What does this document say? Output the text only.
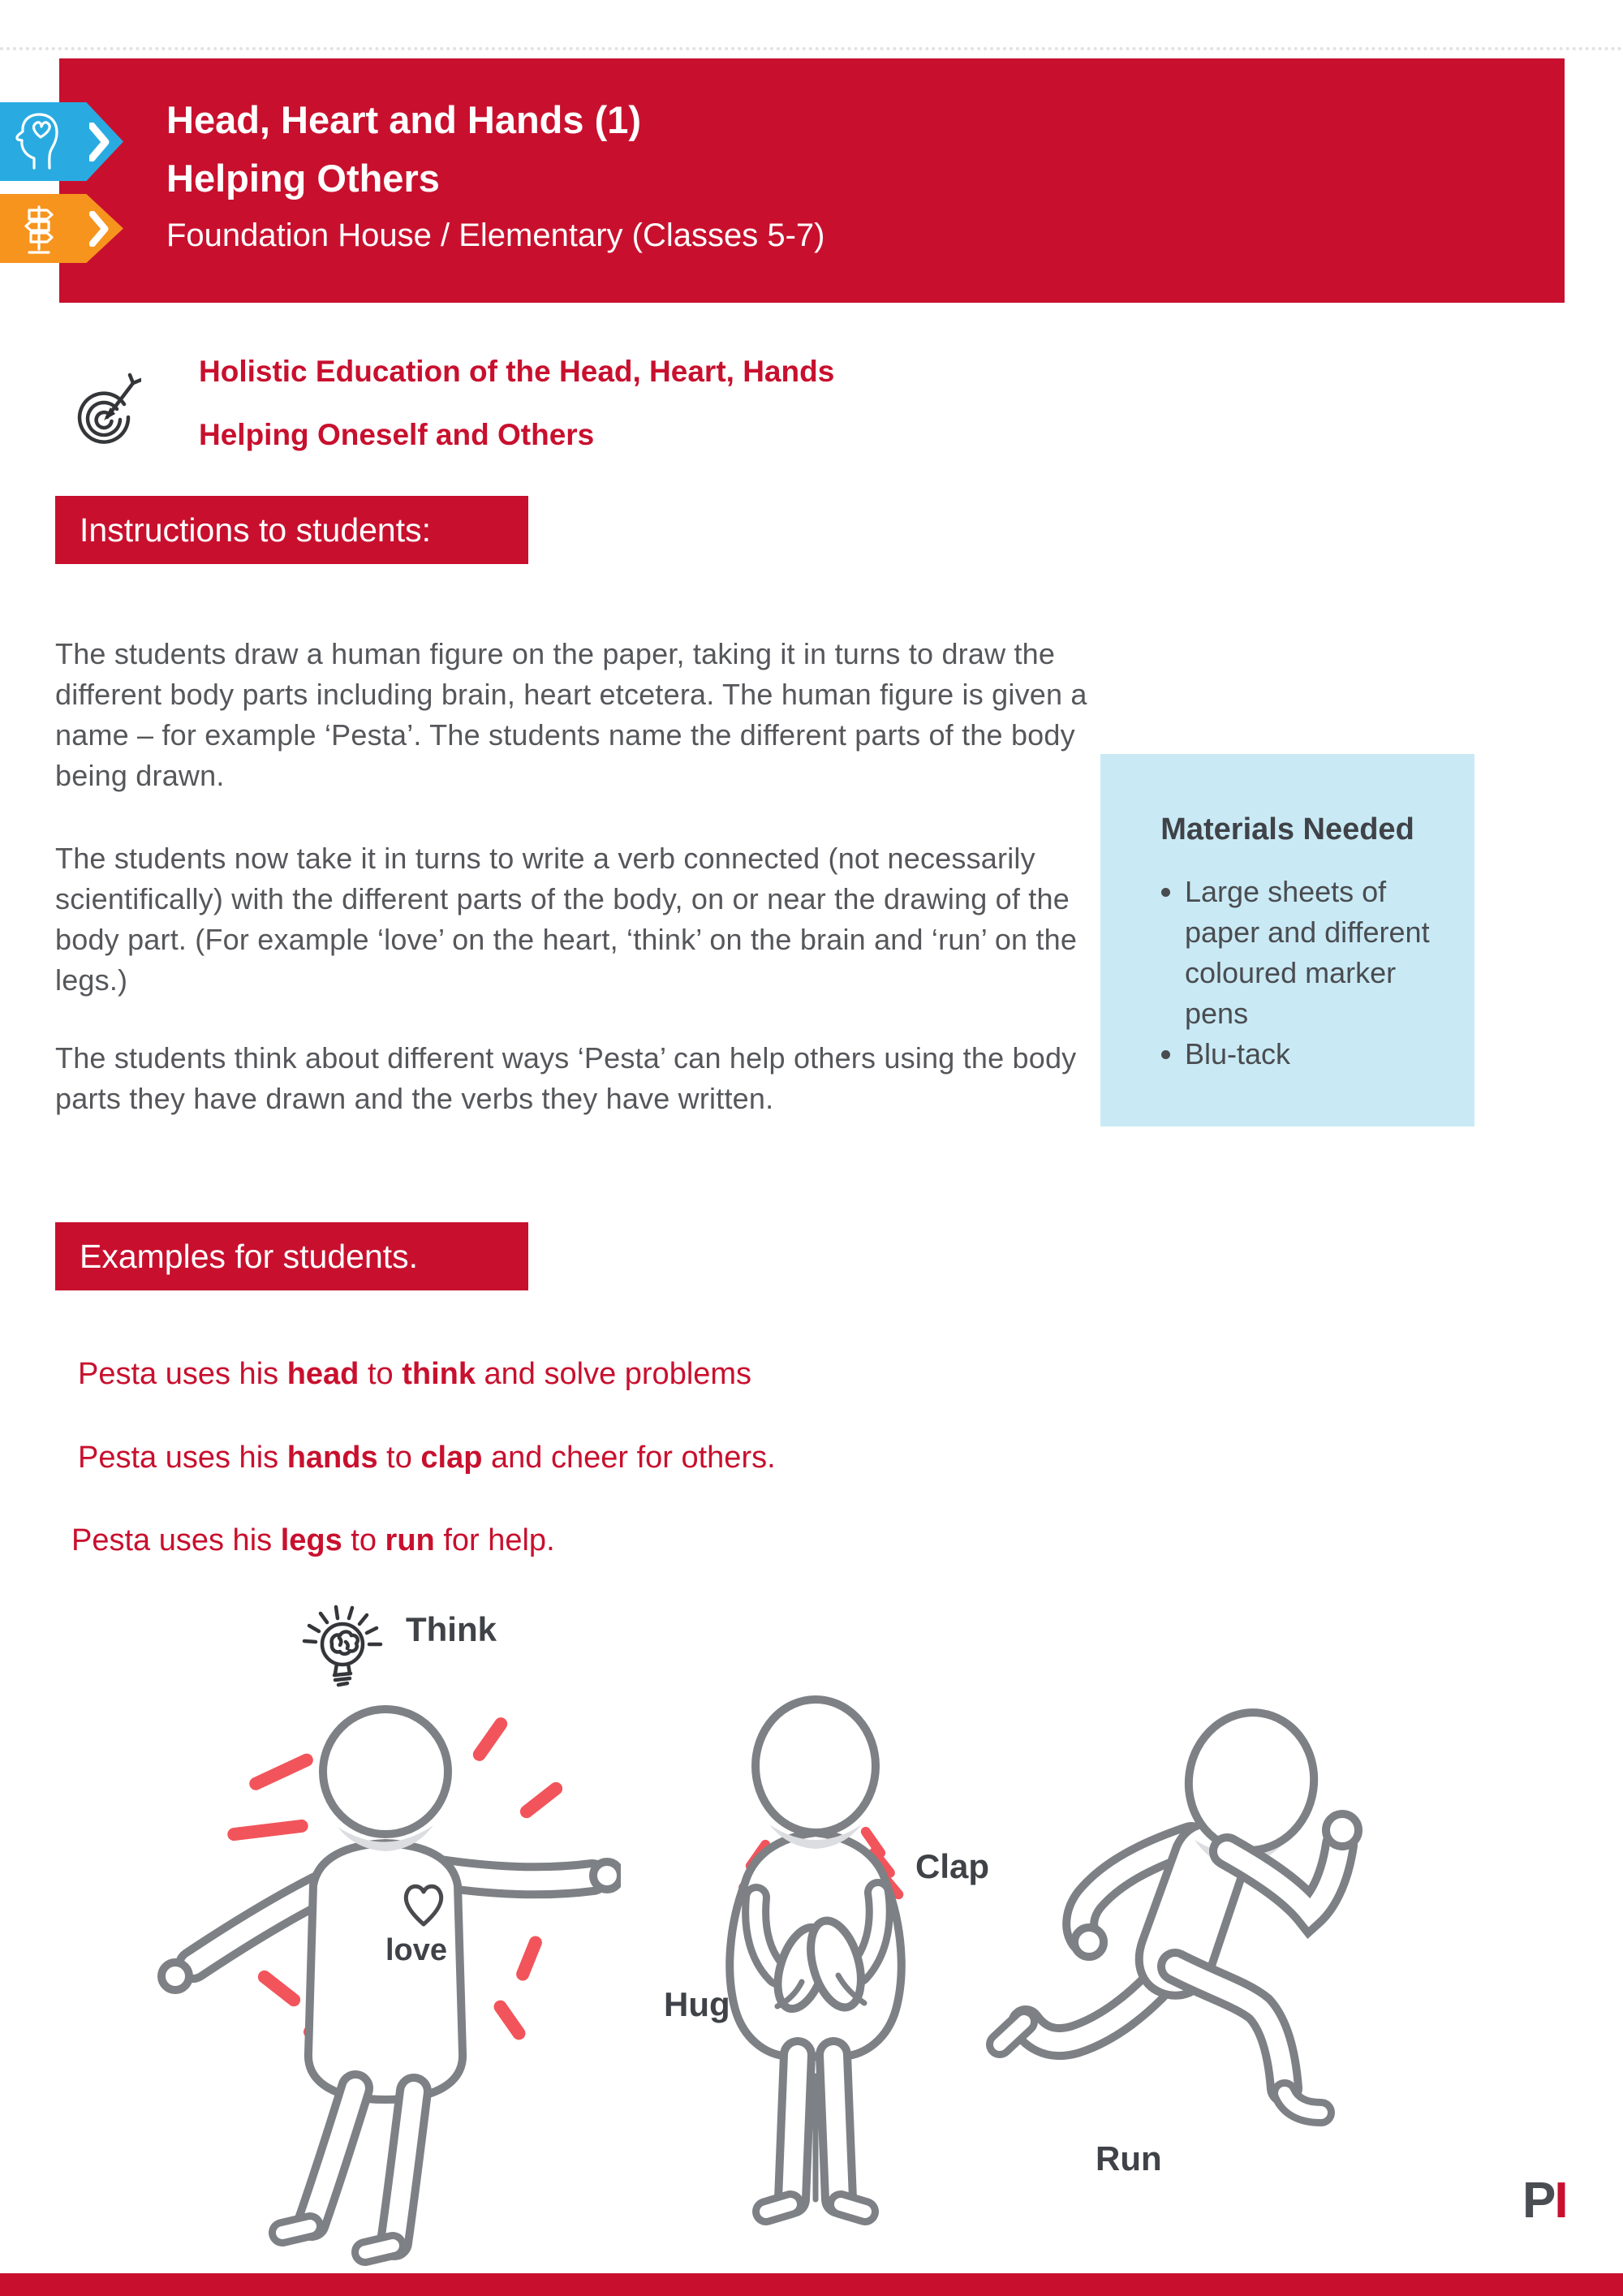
Head, Heart and Hands (1)
Helping Others
Foundation House / Elementary (Classes 5-7)
Holistic Education of the Head, Heart, Hands
Helping Oneself and Others
Instructions to students:

The students draw a human figure on the paper, taking it in turns to draw the different body parts including brain, heart etcetera. The human figure is given a name – for example ‘Pesta’. The students name the different parts of the body being drawn.

The students now take it in turns to write a verb connected (not necessarily scientifically) with the different parts of the body, on or near the drawing of the body part. (For example ‘love’ on the heart, ‘think’ on the brain and ‘run’ on the legs.)

The students think about different ways ‘Pesta’ can help others using the body parts they have drawn and the verbs they have written.

Materials Needed
• Large sheets of paper and different coloured marker pens
• Blu-tack
Examples for students.

Pesta uses his head to think and solve problems

Pesta uses his hands to clap and cheer for others.

Pesta uses his legs to run for help.

Think
love
Hug
Clap
Run
PI
